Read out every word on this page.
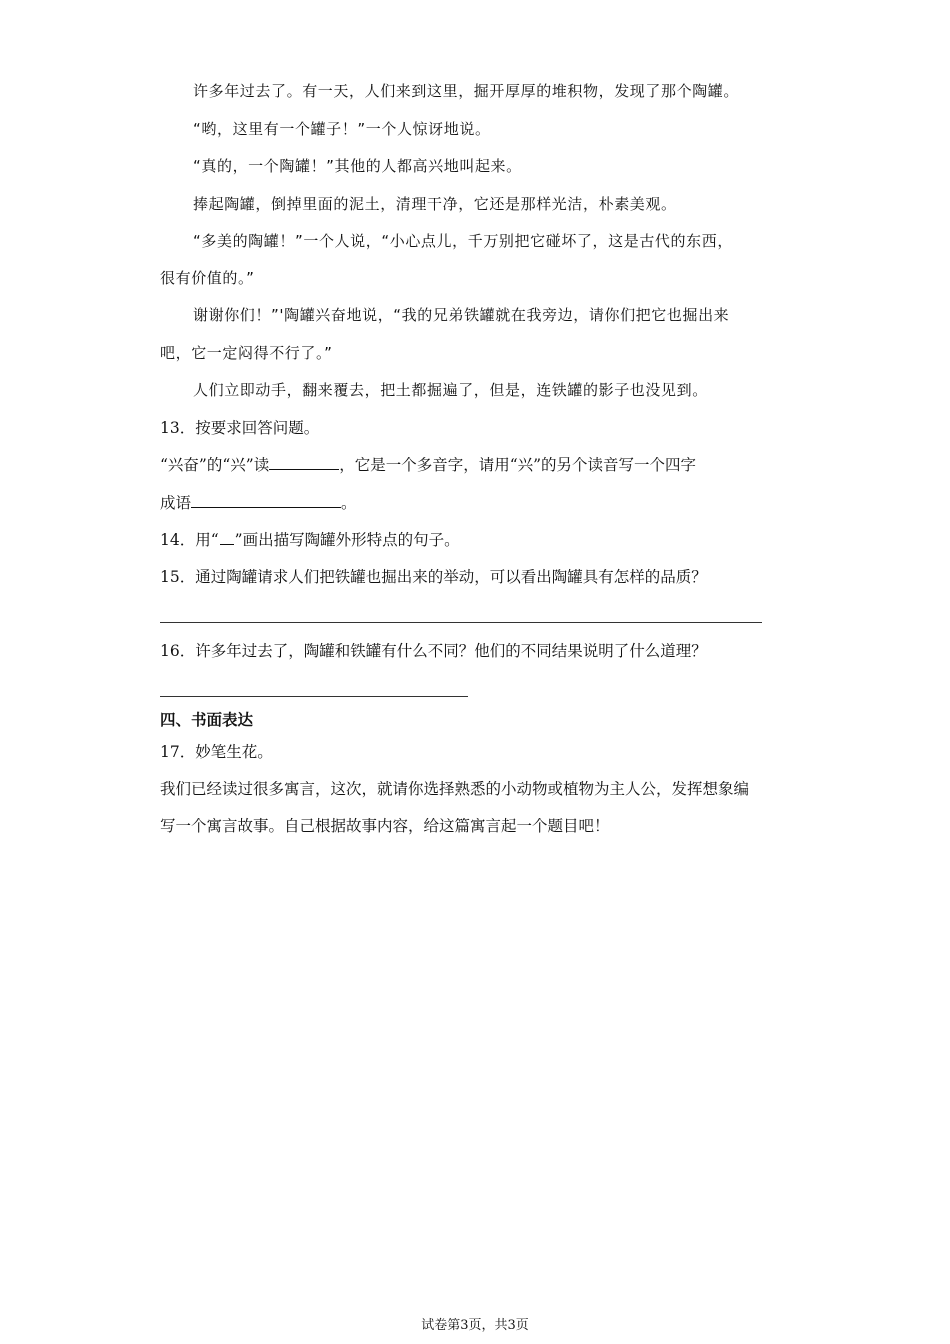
许多年过去了。有一天，人们来到这里，掘开厚厚的堆积物，发现了那个陶罐。
“哟，这里有一个罐子！”一个人惊讶地说。
“真的，一个陶罐！”其他的人都高兴地叫起来。
捧起陶罐，倒掉里面的泥土，清理干净，它还是那样光洁，朴素美观。
“多美的陶罐！”一个人说，“小心点儿，千万别把它碰坏了，这是古代的东西，
很有价值的。”
谢谢你们！”'陶罐兴奋地说，“我的兄弟铁罐就在我旁边，请你们把它也掘出来
吧，它一定闷得不行了。”
人们立即动手，翻来覆去，把土都掘遍了，但是，连铁罐的影子也没见到。
13．按要求回答问题。
“兴奋”的“兴”读	，它是一个多音字，请用“兴”的另个读音写一个四字
成语	。
14．用“ ”画出描写陶罐外形特点的句子。
15．通过陶罐请求人们把铁罐也掘出来的举动，可以看出陶罐具有怎样的品质？
16．许多年过去了，陶罐和铁罐有什么不同？他们的不同结果说明了什么道理？
四、书面表达
17．妙笔生花。
我们已经读过很多寓言，这次，就请你选择熟悉的小动物或植物为主人公，发挥想象编
写一个寓言故事。自己根据故事内容，给这篇寓言起一个题目吧！
试卷第3页，共3页
